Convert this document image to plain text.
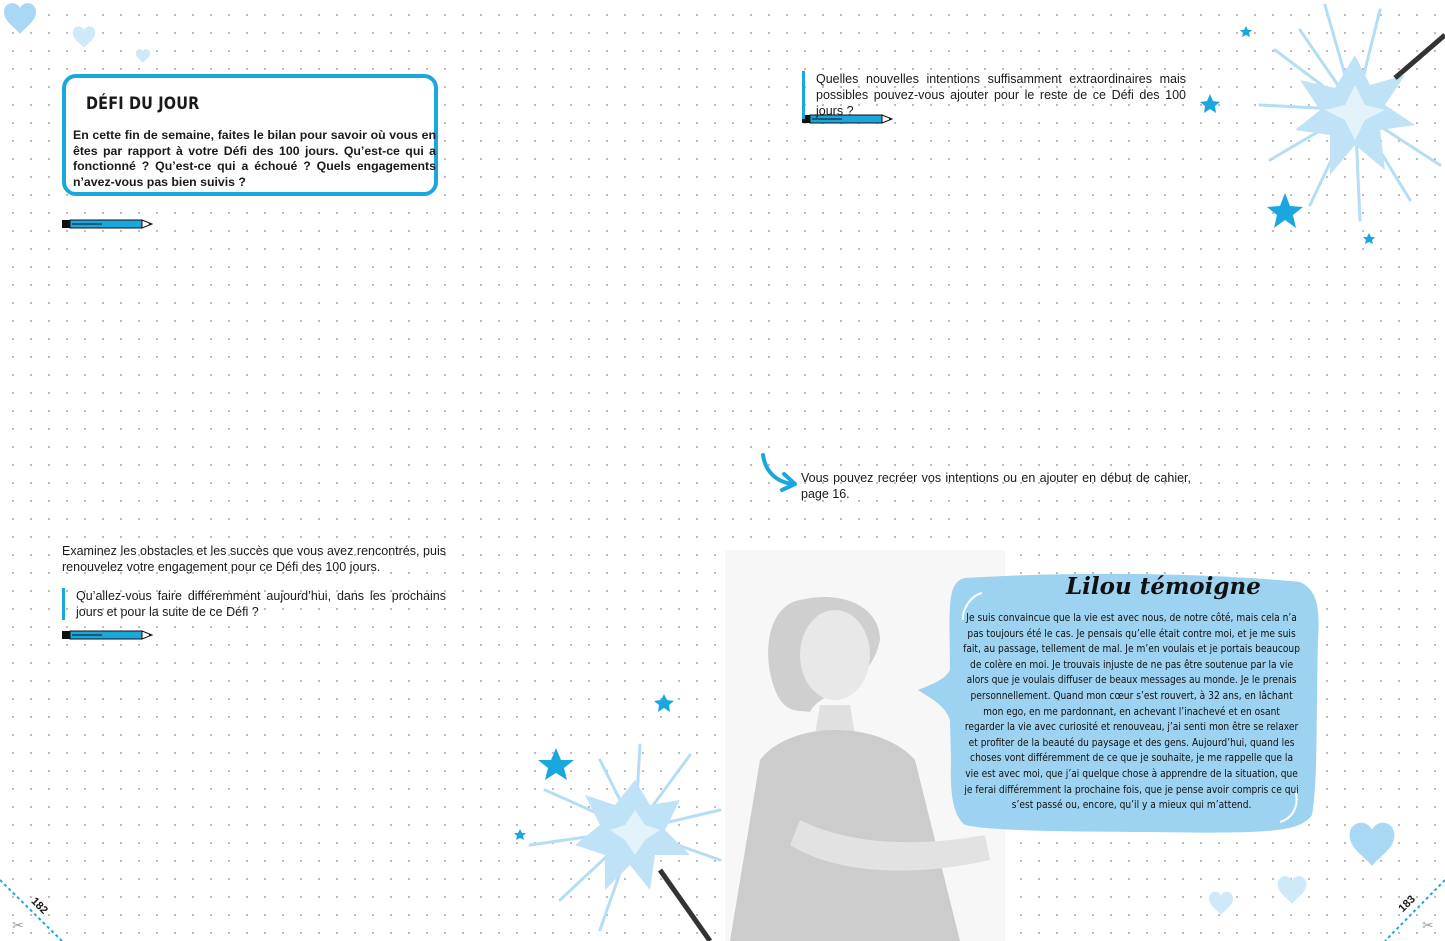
✂	✂
DÉFI DU JOUR
En cette fin de semaine, faites le bilan pour savoir où vous en êtes par rapport à votre Défi des 100 jours. Qu’est-ce qui a fonctionné ? Qu’est-ce qui a échoué ? Quels engagements n’avez-vous pas bien suivis ?
Examinez les obstacles et les succès que vous avez rencontrés, puis renouvelez votre engagement pour ce Défi des 100 jours.
Qu’allez-vous faire différemment aujourd’hui, dans les prochains jours et pour la suite de ce Défi ?
182
Quelles nouvelles intentions suffisamment extraordinaires mais possibles pouvez-vous ajouter pour le reste de ce Défi des 100 jours ?
Vous pouvez recréer vos intentions ou en ajouter en début de cahier, page 16.
Lilou témoigne
Je suis convaincue que la vie est avec nous, de notre côté, mais cela n’a pas toujours été le cas. Je pensais qu’elle était contre moi, et je me suis fait, au passage, tellement de mal. Je m’en voulais et je portais beaucoup de colère en moi. Je trouvais injuste de ne pas être soutenue par la vie alors que je voulais diffuser de beaux messages au monde. Je le prenais personnellement. Quand mon cœur s’est rouvert, à 32 ans, en lâchant mon ego, en me pardonnant, en achevant l’inachevé et en osant regarder la vie avec curiosité et renouveau, j’ai senti mon être se relaxer et profiter de la beauté du paysage et des gens. Aujourd’hui, quand les choses vont différemment de ce que je souhaite, je me rappelle que la vie est avec moi, que j’ai quelque chose à apprendre de la situation, que je ferai différemment la prochaine fois, que je pense avoir compris ce qui s’est passé ou, encore, qu’il y a mieux qui m’attend.
183
